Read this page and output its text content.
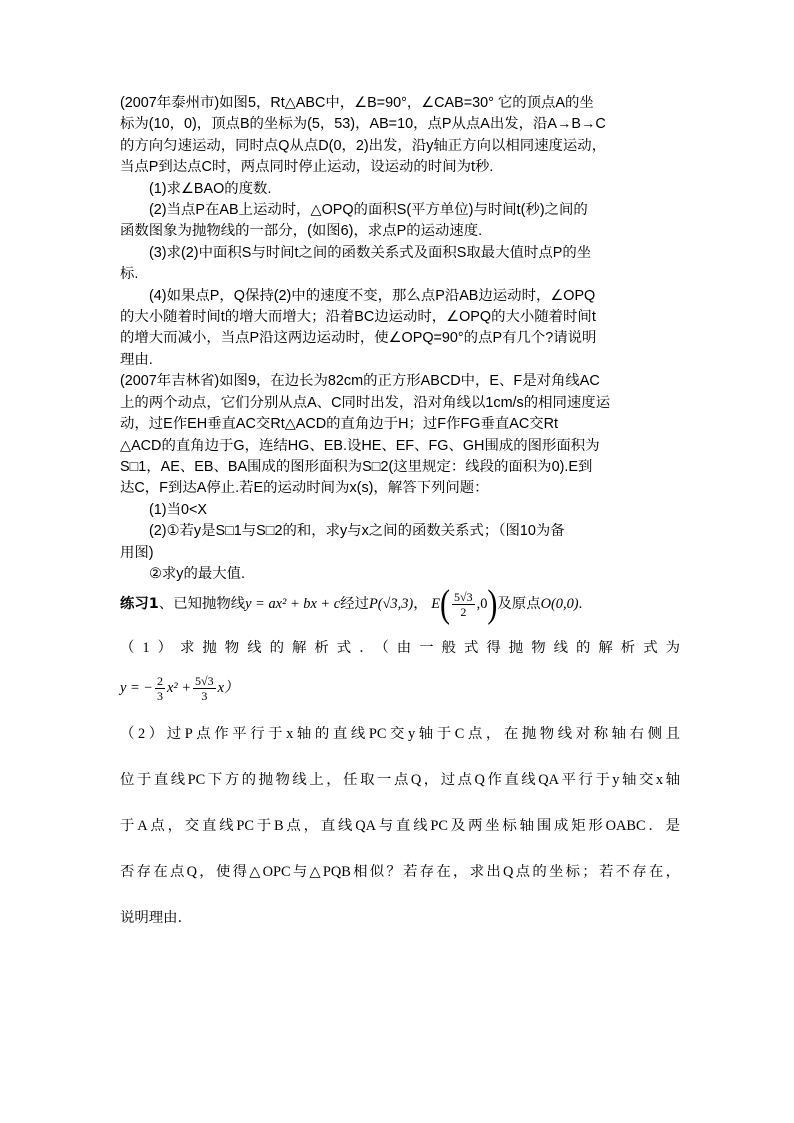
(2007年泰州市)如图5，Rt△ABC中，∠B=90°，∠CAB=30° 它的顶点A的坐

标为(10，0)，顶点B的坐标为(5，53)，AB=10，点P从点A出发，沿A→B→C

的方向匀速运动，同时点Q从点D(0，2)出发，沿y轴正方向以相同速度运动，

当点P到达点C时，两点同时停止运动，设运动的时间为t秒.

(1)求∠BAO的度数.

(2)当点P在AB上运动时，△OPQ的面积S(平方单位)与时间t(秒)之间的

函数图象为抛物线的一部分，(如图6)，求点P的运动速度.

(3)求(2)中面积S与时间t之间的函数关系式及面积S取最大值时点P的坐

标.

(4)如果点P，Q保持(2)中的速度不变，那么点P沿AB边运动时，∠OPQ

的大小随着时间t的增大而增大；沿着BC边运动时，∠OPQ的大小随着时间t

的增大而减小，当点P沿这两边运动时，使∠OPQ=90°的点P有几个?请说明

理由.

(2007年吉林省)如图9，在边长为82cm的正方形ABCD中，E、F是对角线AC

上的两个动点，它们分别从点A、C同时出发，沿对角线以1cm/s的相同速度运

动，过E作EH垂直AC交Rt△ACD的直角边于H；过F作FG垂直AC交Rt

△ACD的直角边于G，连结HG、EB.设HE、EF、FG、GH围成的图形面积为

S□1，AE、EB、BA围成的图形面积为S□2(这里规定：线段的面积为0).E到

达C，F到达A停止.若E的运动时间为x(s)，解答下列问题：

(1)当0<X

(2)①若y是S□1与S□2的和，求y与x之间的函数关系式；（图10为备

用图)

②求y的最大值.

练习1、已知抛物线y = ax² + bx + c经过P(√3,3)， $E( \frac{5√3}{2} ,0)$及原点O(0,0).
（1）求抛物线的解析式．（由一般式得抛物线的解析式为
y = − $\frac{2}{3} x^2 + \frac{5√3}{3} x$）
（2）过P点作平行于x轴的直线PC交y轴于C点，在抛物线对称轴右侧且
位于直线PC下方的抛物线上，任取一点Q，过点Q作直线QA平行于y轴交x轴
于A点，交直线PC于B点，直线QA与直线PC及两坐标轴围成矩形OABC．是
否存在点Q，使得△OPC与△PQB相似？若存在，求出Q点的坐标；若不存在，
说明理由．
